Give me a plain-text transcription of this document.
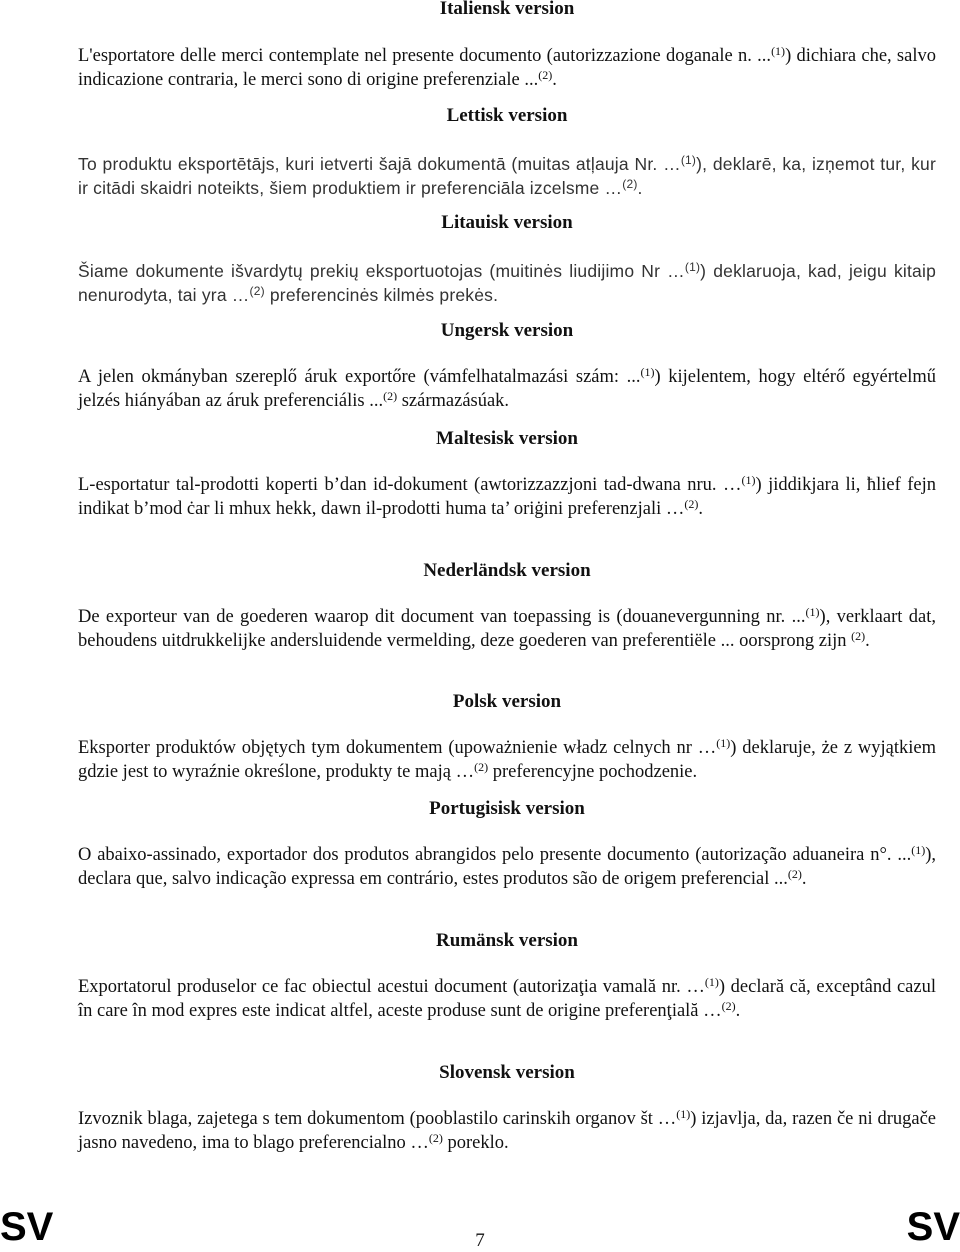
Italiensk version

L'esportatore delle merci contemplate nel presente documento (autorizzazione doganale n. ...$^{(1)}$) dichiara che, salvo indicazione contraria, le merci sono di origine preferenziale ...$^{(2)}$.

Lettisk version

To produktu eksportētājs, kuri ietverti šajā dokumentā (muitas atļauja Nr. …$^{(1)}$), deklarē, ka, izņemot tur, kur ir citādi skaidri noteikts, šiem produktiem ir preferenciāla izcelsme …$^{(2)}$.

Litauisk version

Šiame dokumente išvardytų prekių eksportuotojas (muitinės liudijimo Nr …$^{(1)}$) deklaruoja, kad, jeigu kitaip nenurodyta, tai yra …$^{(2)}$ preferencinės kilmės prekės.

Ungersk version

A jelen okmányban szereplő áruk exportőre (vámfelhatalmazási szám: ...$^{(1)}$) kijelentem, hogy eltérő egyértelmű jelzés hiányában az áruk preferenciális ...$^{(2)}$ származásúak.

Maltesisk version

L-esportatur tal-prodotti koperti b’dan id-dokument (awtorizzazzjoni tad-dwana nru. …$^{(1)}$) jiddikjara li, ħlief fejn indikat b’mod ċar li mhux hekk, dawn il-prodotti huma ta’ oriġini preferenzjali …$^{(2)}$.

Nederländsk version

De exporteur van de goederen waarop dit document van toepassing is (douanevergunning nr. ...$^{(1)}$), verklaart dat, behoudens uitdrukkelijke andersluidende vermelding, deze goederen van preferentiële ... oorsprong zijn $^{(2)}$.

Polsk version

Eksporter produktów objętych tym dokumentem (upoważnienie władz celnych nr …$^{(1)}$) deklaruje, że z wyjątkiem gdzie jest to wyraźnie określone, produkty te mają …$^{(2)}$ preferencyjne pochodzenie.

Portugisisk version

O abaixo-assinado, exportador dos produtos abrangidos pelo presente documento (autorização aduaneira n°. ...$^{(1)}$), declara que, salvo indicação expressa em contrário, estes produtos são de origem preferencial ...$^{(2)}$.

Rumänsk version

Exportatorul produselor ce fac obiectul acestui document (autorizaţia vamală nr. …$^{(1)}$) declară că, exceptând cazul în care în mod expres este indicat altfel, aceste produse sunt de origine preferenţială …$^{(2)}$.

Slovensk version

Izvoznik blaga, zajetega s tem dokumentom (pooblastilo carinskih organov št …$^{(1)}$) izjavlja, da, razen če ni drugače jasno navedeno, ima to blago preferencialno …$^{(2)}$ poreklo.

SV	7	SV
